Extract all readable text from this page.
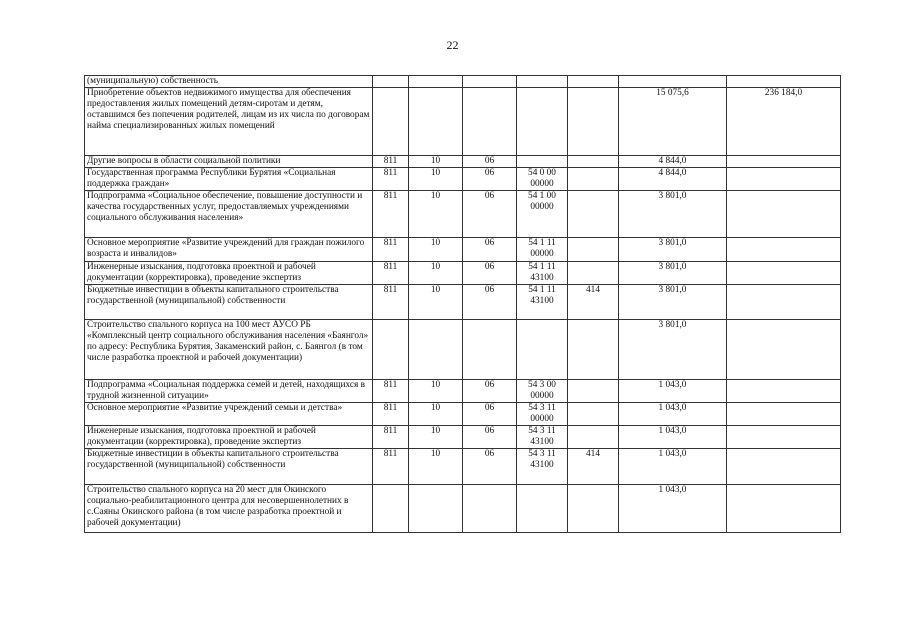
22
(муниципальную) собственность							
Приобретение объектов недвижимого имущества для обеспечения предоставления жилых помещений детям-сиротам и детям, оставшимся без попечения родителей, лицам из их числа по договорам найма специализированных жилых помещений						15 075,6	236 184,0
Другие вопросы в области социальной политики	811	10	06			4 844,0	
Государственная программа Республики Бурятия «Социальная поддержка граждан»	811	10	06	54 0 00 00000		4 844,0	
Подпрограмма «Социальное обеспечение, повышение доступности и качества государственных услуг, предоставляемых учреждениями социального обслуживания населения»	811	10	06	54 1 00 00000		3 801,0	
Основное мероприятие «Развитие учреждений для граждан пожилого возраста и инвалидов»	811	10	06	54 1 11 00000		3 801,0	
Инженерные изыскания, подготовка проектной и рабочей документации (корректировка), проведение экспертиз	811	10	06	54 1 11 43100		3 801,0	
Бюджетные инвестиции в объекты капитального строительства государственной (муниципальной) собственности	811	10	06	54 1 11 43100	414	3 801,0	
Строительство спального корпуса на 100 мест АУСО РБ «Комплексный центр социального обслуживания населения «Баянгол» по адресу: Республика Бурятия, Закаменский район, с. Баянгол (в том числе разработка проектной и рабочей документации)						3 801,0	
Подпрограмма «Социальная поддержка семей и детей, находящихся в трудной жизненной ситуации»	811	10	06	54 3 00 00000		1 043,0	
Основное мероприятие «Развитие учреждений семьи и детства»	811	10	06	54 3 11 00000		1 043,0	
Инженерные изыскания, подготовка проектной и рабочей документации (корректировка), проведение экспертиз	811	10	06	54 3 11 43100		1 043,0	
Бюджетные инвестиции в объекты капитального строительства государственной (муниципальной) собственности	811	10	06	54 3 11 43100	414	1 043,0	
Строительство спального корпуса на 20 мест для Окинского социально-реабилитационного центра для несовершеннолетних в с.Саяны Окинского района (в том числе разработка проектной и рабочей документации)						1 043,0	
